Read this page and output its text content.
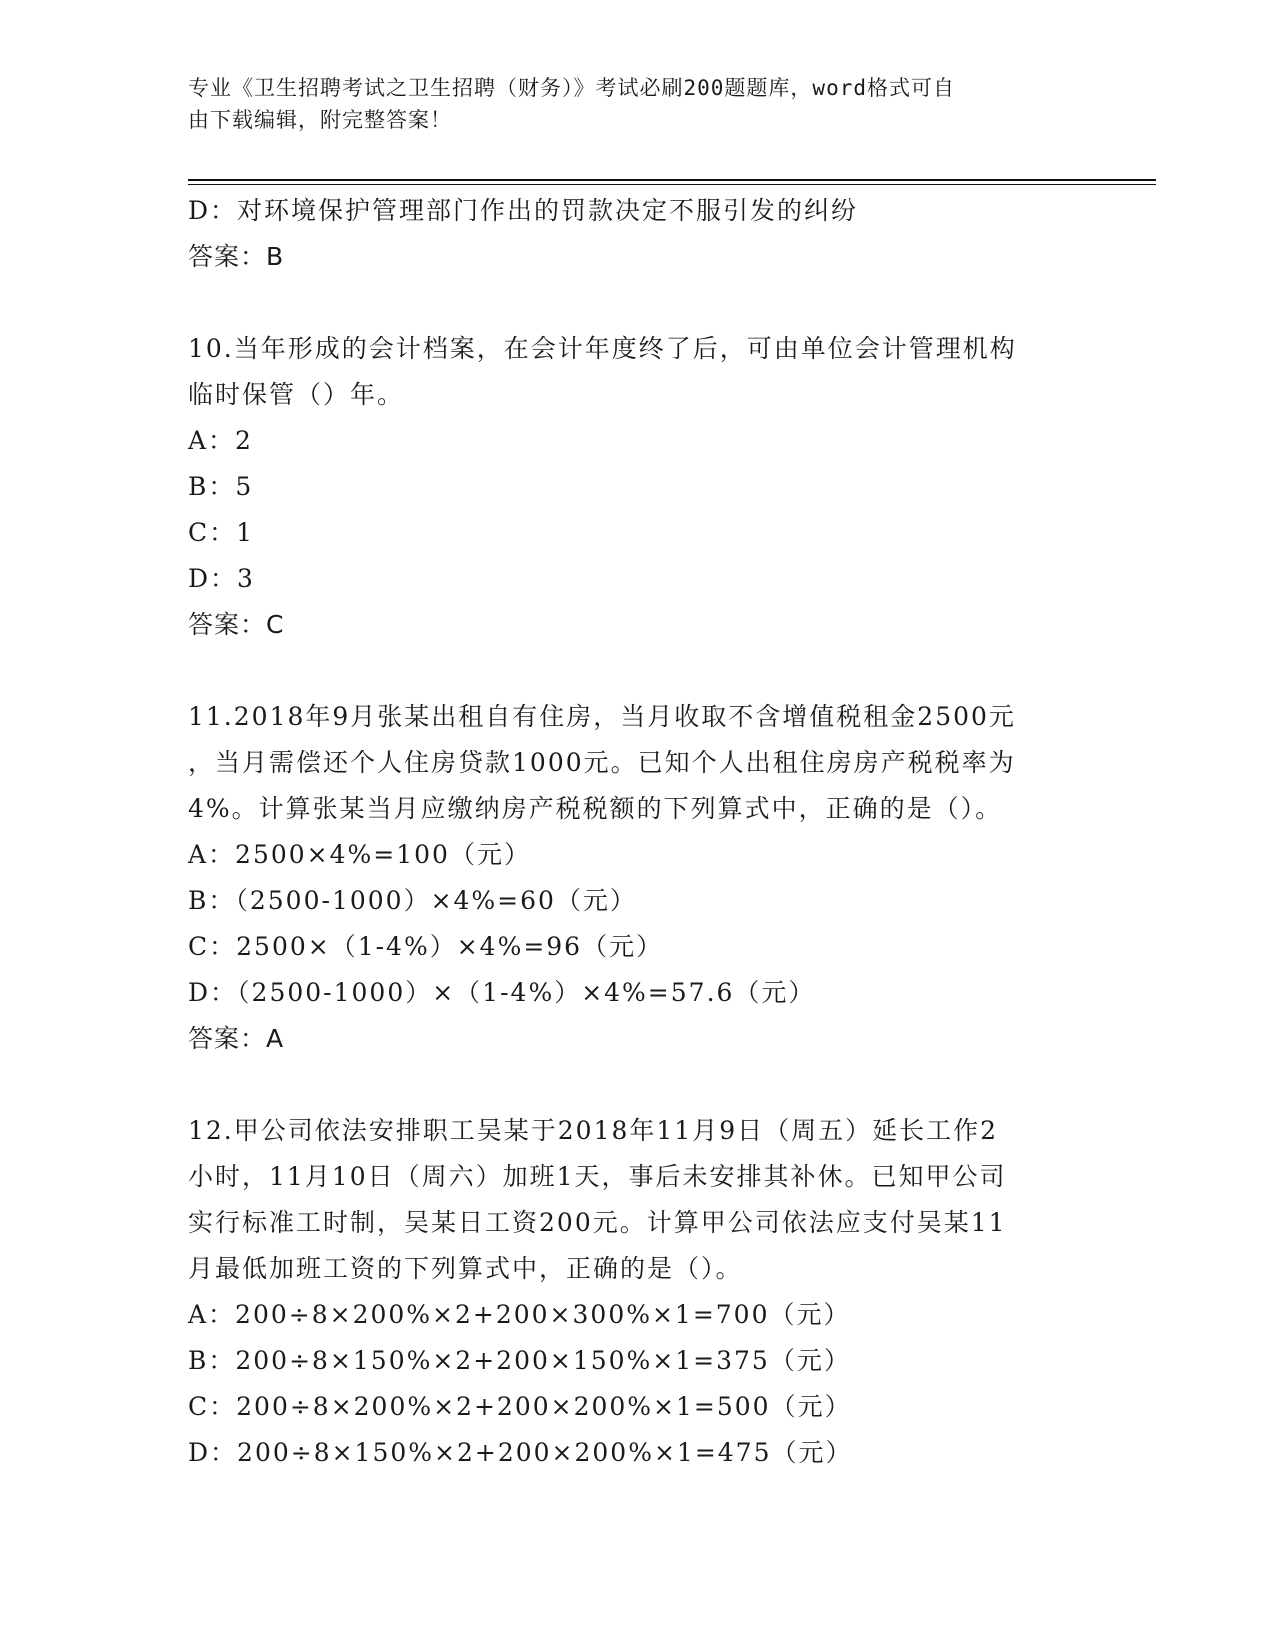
专业《卫生招聘考试之卫生招聘（财务）》考试必刷200题题库，word格式可自
由下载编辑，附完整答案！
D：对环境保护管理部门作出的罚款决定不服引发的纠纷
答案：B
10.当年形成的会计档案，在会计年度终了后，可由单位会计管理机构
临时保管（）年。
A：2
B：5
C：1
D：3
答案：C
11.2018年9月张某出租自有住房，当月收取不含增值税租金2500元
，当月需偿还个人住房贷款1000元。已知个人出租住房房产税税率为
4%。计算张某当月应缴纳房产税税额的下列算式中，正确的是（）。
A：2500×4%=100（元）
B：（2500-1000）×4%=60（元）
C：2500×（1-4%）×4%=96（元）
D：（2500-1000）×（1-4%）×4%=57.6（元）
答案：A
12.甲公司依法安排职工吴某于2018年11月9日（周五）延长工作2
小时，11月10日（周六）加班1天，事后未安排其补休。已知甲公司
实行标准工时制，吴某日工资200元。计算甲公司依法应支付吴某11
月最低加班工资的下列算式中，正确的是（）。
A：200÷8×200%×2+200×300%×1=700（元）
B：200÷8×150%×2+200×150%×1=375（元）
C：200÷8×200%×2+200×200%×1=500（元）
D：200÷8×150%×2+200×200%×1=475（元）
